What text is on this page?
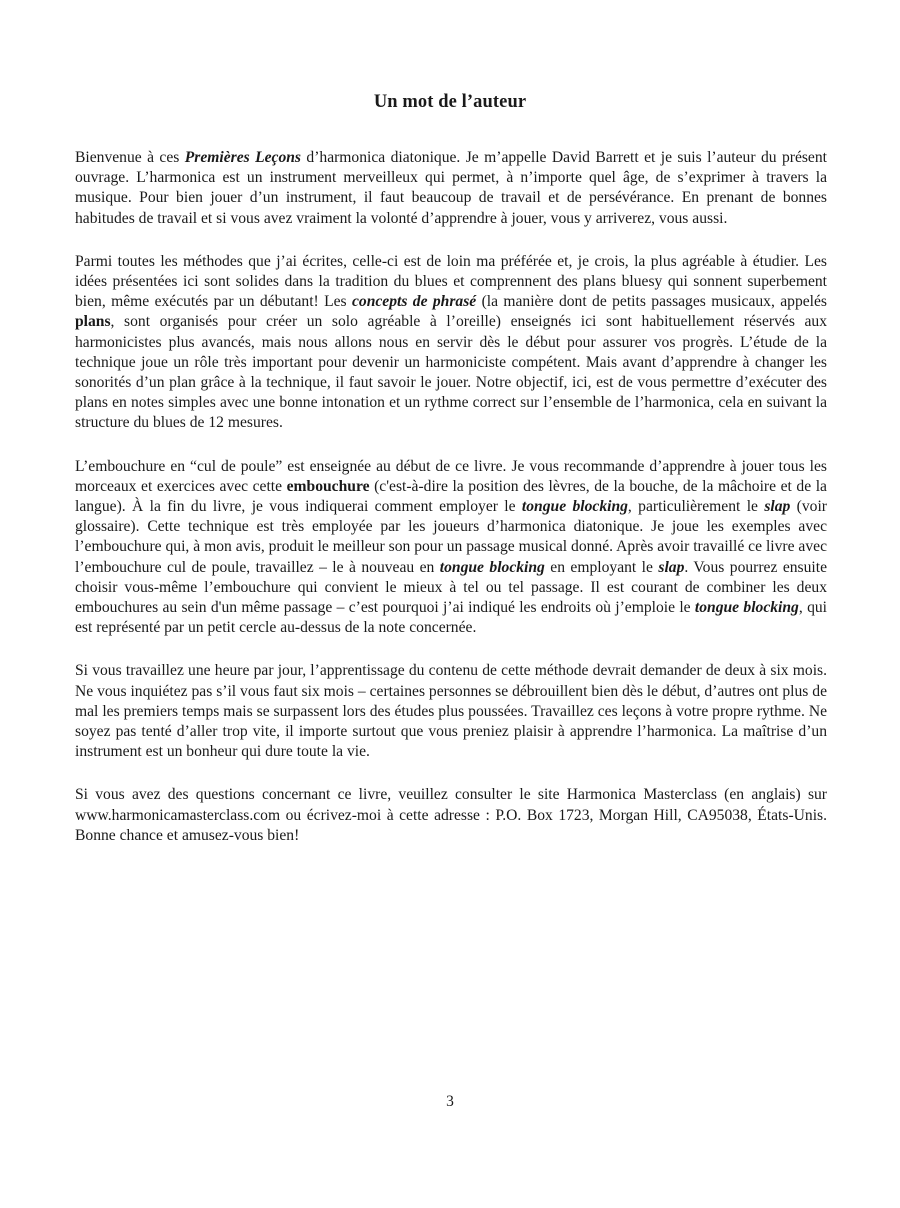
Un mot de l’auteur

Bienvenue à ces Premières Leçons d’harmonica diatonique. Je m’appelle David Barrett et je suis l’auteur du présent ouvrage. L’harmonica est un instrument merveilleux qui permet, à n’importe quel âge, de s’exprimer à travers la musique. Pour bien jouer d’un instrument, il faut beaucoup de travail et de persévérance. En prenant de bonnes habitudes de travail et si vous avez vraiment la volonté d’apprendre à jouer, vous y arriverez, vous aussi.

Parmi toutes les méthodes que j’ai écrites, celle-ci est de loin ma préférée et, je crois, la plus agréable à étudier. Les idées présentées ici sont solides dans la tradition du blues et comprennent des plans bluesy qui sonnent superbement bien, même exécutés par un débutant! Les concepts de phrasé (la manière dont de petits passages musicaux, appelés plans, sont organisés pour créer un solo agréable à l’oreille) enseignés ici sont habituellement réservés aux harmonicistes plus avancés, mais nous allons nous en servir dès le début pour assurer vos progrès. L’étude de la technique joue un rôle très important pour devenir un harmoniciste compétent. Mais avant d’apprendre à changer les sonorités d’un plan grâce à la technique, il faut savoir le jouer. Notre objectif, ici, est de vous permettre d’exécuter des plans en notes simples avec une bonne intonation et un rythme correct sur l’ensemble de l’harmonica, cela en suivant la structure du blues de 12 mesures.

L’embouchure en “cul de poule” est enseignée au début de ce livre. Je vous recommande d’apprendre à jouer tous les morceaux et exercices avec cette embouchure (c'est-à-dire la position des lèvres, de la bouche, de la mâchoire et de la langue). À la fin du livre, je vous indiquerai comment employer le tongue blocking, particulièrement le slap (voir glossaire). Cette technique est très employée par les joueurs d’harmonica diatonique. Je joue les exemples avec l’embouchure qui, à mon avis, produit le meilleur son pour un passage musical donné. Après avoir travaillé ce livre avec l’embouchure cul de poule, travaillez – le à nouveau en tongue blocking en employant le slap. Vous pourrez ensuite choisir vous-même l’embouchure qui convient le mieux à tel ou tel passage. Il est courant de combiner les deux embouchures au sein d'un même passage – c’est pourquoi j’ai indiqué les endroits où j’emploie le tongue blocking, qui est représenté par un petit cercle au-dessus de la note concernée.

Si vous travaillez une heure par jour, l’apprentissage du contenu de cette méthode devrait demander de deux à six mois. Ne vous inquiétez pas s’il vous faut six mois – certaines personnes se débrouillent bien dès le début, d’autres ont plus de mal les premiers temps mais se surpassent lors des études plus poussées. Travaillez ces leçons à votre propre rythme. Ne soyez pas tenté d’aller trop vite, il importe surtout que vous preniez plaisir à apprendre l’harmonica. La maîtrise d’un instrument est un bonheur qui dure toute la vie.

Si vous avez des questions concernant ce livre, veuillez consulter le site Harmonica Masterclass (en anglais) sur www.harmonicamasterclass.com ou écrivez-moi à cette adresse : P.O. Box 1723, Morgan Hill, CA95038, États-Unis. Bonne chance et amusez-vous bien!

3
